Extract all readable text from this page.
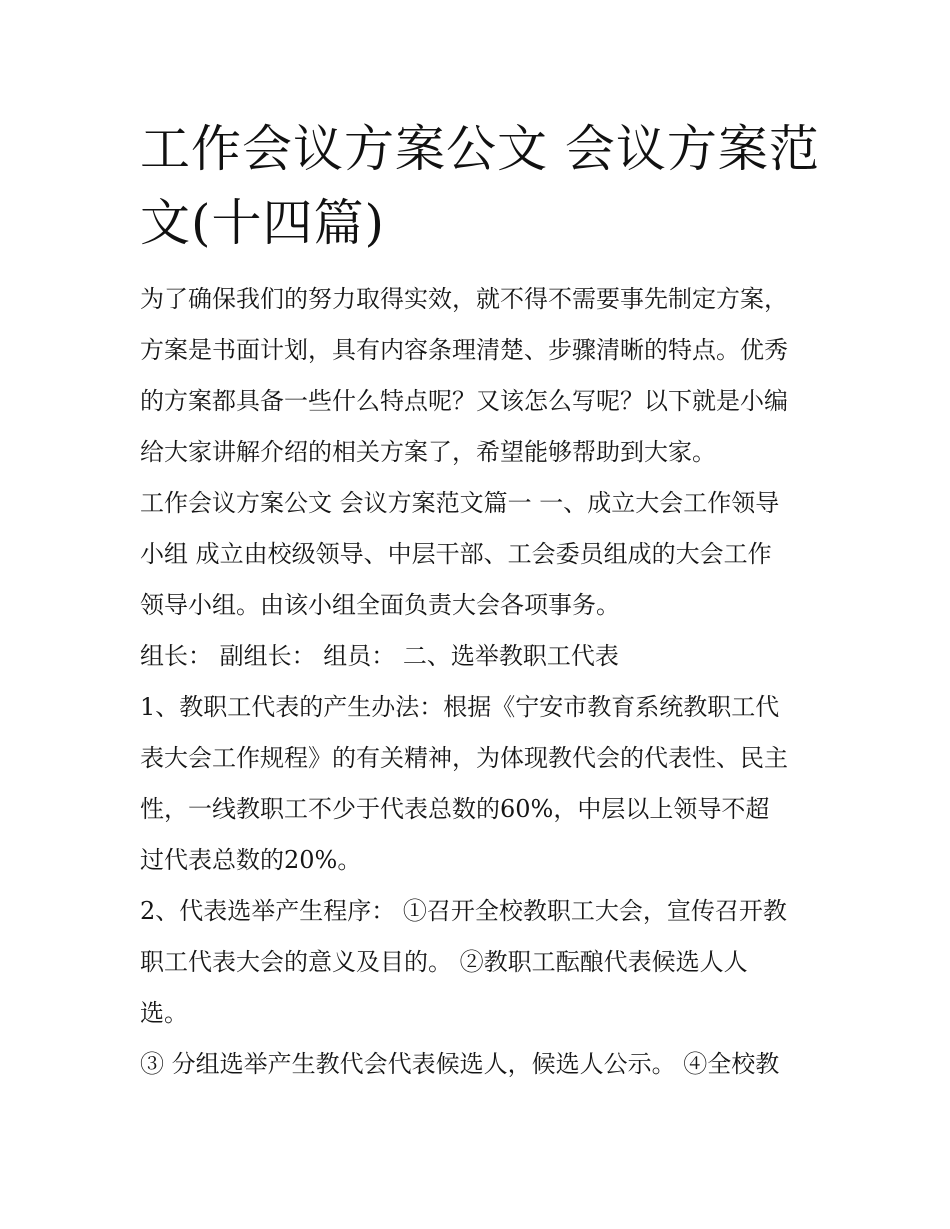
工作会议方案公文 会议方案范
文(十四篇)
为了确保我们的努力取得实效，就不得不需要事先制定方案，
方案是书面计划，具有内容条理清楚、步骤清晰的特点。优秀
的方案都具备一些什么特点呢？又该怎么写呢？以下就是小编
给大家讲解介绍的相关方案了，希望能够帮助到大家。
工作会议方案公文 会议方案范文篇一 一、成立大会工作领导
小组 成立由校级领导、中层干部、工会委员组成的大会工作
领导小组。由该小组全面负责大会各项事务。
组长： 副组长： 组员： 二、选举教职工代表
1、教职工代表的产生办法：根据《宁安市教育系统教职工代
表大会工作规程》的有关精神，为体现教代会的代表性、民主
性，一线教职工不少于代表总数的60%，中层以上领导不超
过代表总数的20%。
2、代表选举产生程序： ①召开全校教职工大会，宣传召开教
职工代表大会的意义及目的。 ②教职工酝酿代表候选人人
选。
③ 分组选举产生教代会代表候选人，候选人公示。 ④全校教
